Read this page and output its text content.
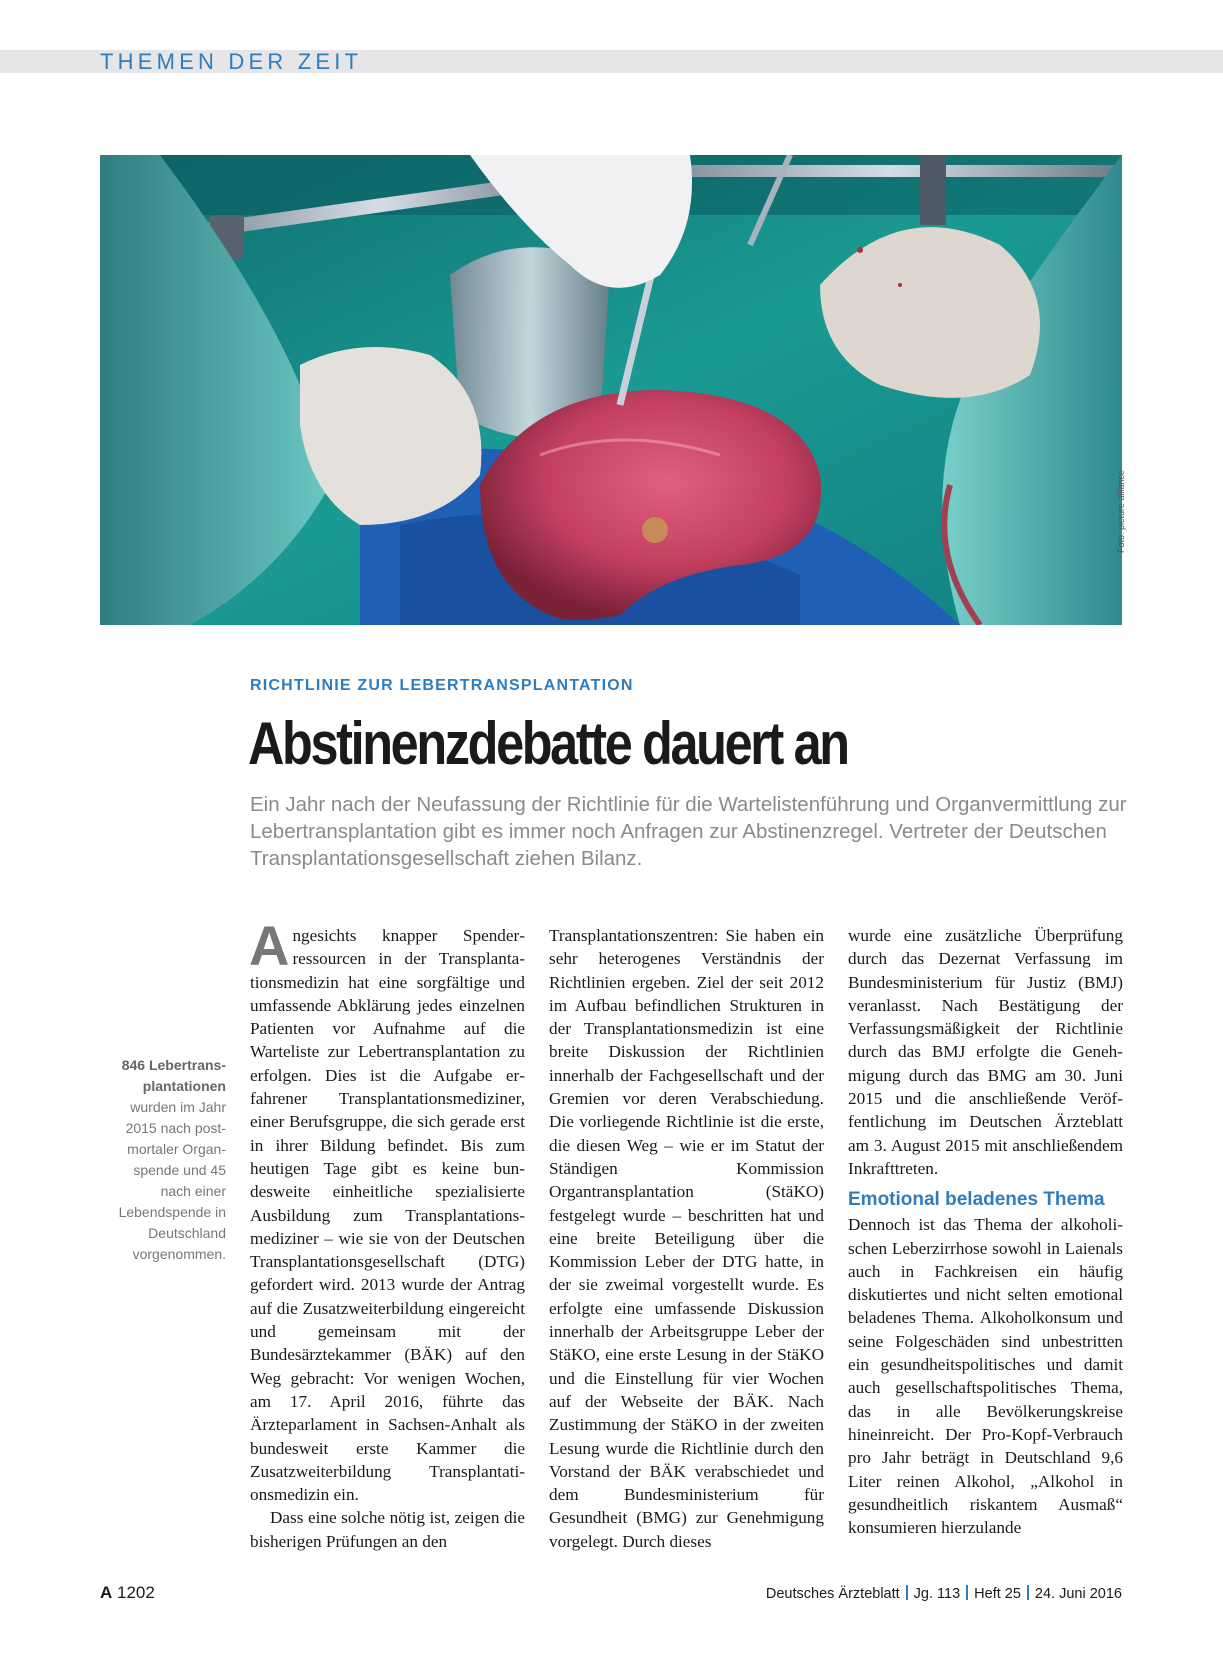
THEMEN DER ZEIT
Foto: picture alliance
RICHTLINIE ZUR LEBERTRANSPLANTATION
Abstinenzdebatte dauert an
Ein Jahr nach der Neufassung der Richtlinie für die Wartelistenführung und Organvermittlung zur Lebertransplantation gibt es immer noch Anfragen zur Abstinenzregel. Vertreter der Deutschen Transplantationsgesellschaft ziehen Bilanz.
846 Lebertransplantationen wurden im Jahr 2015 nach postmortaler Organspende und 45 nach einer Lebendspende in Deutschland vorgenommen.

Angesichts knapper Spenderressourcen in der Transplantationsmedizin hat eine sorgfältige und umfassende Abklärung jedes einzelnen Patienten vor Aufnahme auf die Warteliste zur Lebertransplantation zu erfolgen. Dies ist die Aufgabe erfahrener Transplantationsmediziner, einer Berufsgruppe, die sich gerade erst in ihrer Bildung befindet. Bis zum heutigen Tage gibt es keine bundesweite einheitliche spezialisierte Ausbildung zum Transplantationsmediziner – wie sie von der Deutschen Transplantationsgesellschaft (DTG) gefordert wird. 2013 wurde der Antrag auf die Zusatzweiterbildung eingereicht und gemeinsam mit der Bundesärztekammer (BÄK) auf den Weg gebracht: Vor wenigen Wochen, am 17. April 2016, führte das Ärzteparlament in Sachsen-Anhalt als bundesweit erste Kammer die Zusatzweiterbildung Transplantationsmedizin ein.

Dass eine solche nötig ist, zeigen die bisherigen Prüfungen an den

Transplantationszentren: Sie haben ein sehr heterogenes Verständnis der Richtlinien ergeben. Ziel der seit 2012 im Aufbau befindlichen Strukturen in der Transplantationsmedizin ist eine breite Diskussion der Richtlinien innerhalb der Fachgesellschaft und der Gremien vor deren Verabschiedung. Die vorliegende Richtlinie ist die erste, die diesen Weg – wie er im Statut der Ständigen Kommission Organtransplantation (StäKO) festgelegt wurde – beschritten hat und eine breite Beteiligung über die Kommission Leber der DTG hatte, in der sie zweimal vorgestellt wurde. Es erfolgte eine umfassende Diskussion innerhalb der Arbeitsgruppe Leber der StäKO, eine erste Lesung in der StäKO und die Einstellung für vier Wochen auf der Webseite der BÄK. Nach Zustimmung der StäKO in der zweiten Lesung wurde die Richtlinie durch den Vorstand der BÄK verabschiedet und dem Bundesministerium für Gesundheit (BMG) zur Genehmigung vorgelegt. Durch dieses

wurde eine zusätzliche Überprüfung durch das Dezernat Verfassung im Bundesministerium für Justiz (BMJ) veranlasst. Nach Bestätigung der Verfassungsmäßigkeit der Richtlinie durch das BMJ erfolgte die Genehmigung durch das BMG am 30. Juni 2015 und die anschließende Veröffentlichung im Deutschen Ärzteblatt am 3. August 2015 mit anschließendem Inkrafttreten.

Emotional beladenes Thema

Dennoch ist das Thema der alkoholischen Leberzirrhose sowohl in Laienals auch in Fachkreisen ein häufig diskutiertes und nicht selten emotional beladenes Thema. Alkoholkonsum und seine Folgeschäden sind unbestritten ein gesundheitspolitisches und damit auch gesellschaftspolitisches Thema, das in alle Bevölkerungskreise hineinreicht. Der Pro-Kopf-Verbrauch pro Jahr beträgt in Deutschland 9,6 Liter reinen Alkohol, „Alkohol in gesundheitlich riskantem Ausmaß“ konsumieren hierzulande

A 1202	Deutsches Ärzteblatt Jg. 113 Heft 25 24. Juni 2016
